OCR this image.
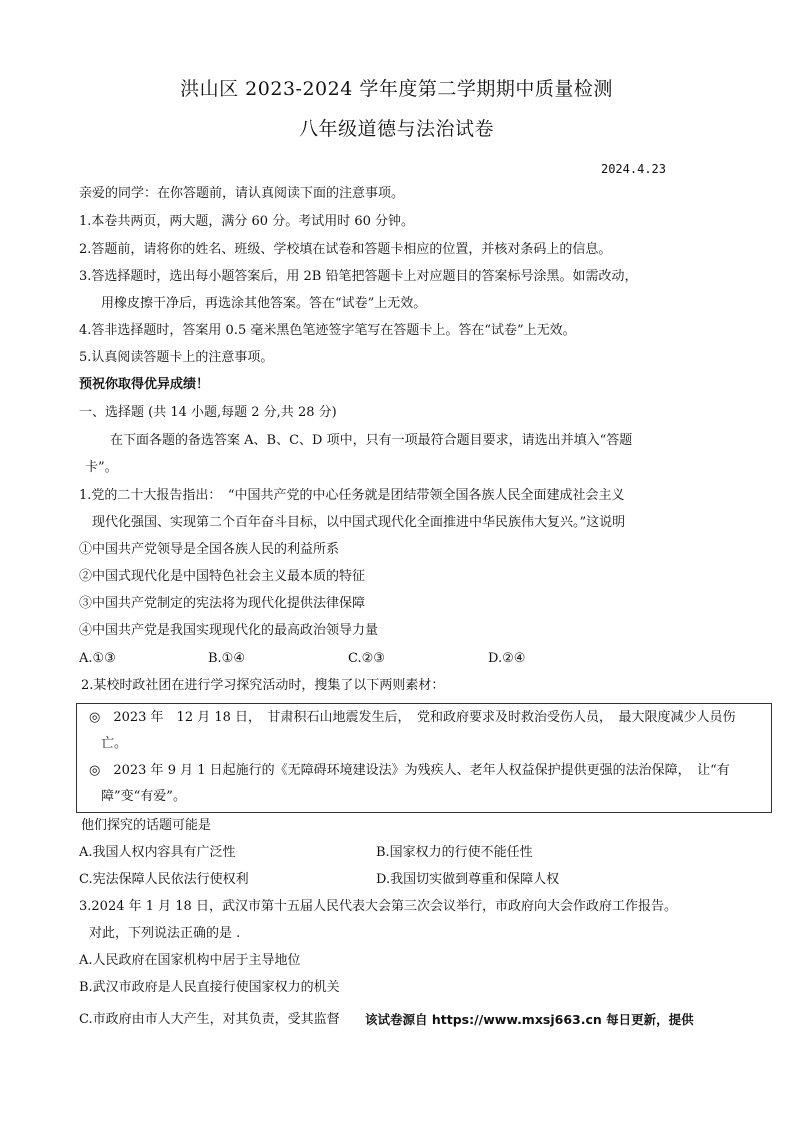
洪山区 2023-2024 学年度第二学期期中质量检测
八年级道德与法治试卷
2024.4.23
亲爱的同学：在你答题前，请认真阅读下面的注意事项。
1.本卷共两页，两大题，满分 60 分。考试用时 60 分钟。
2.答题前，请将你的姓名、班级、学校填在试卷和答题卡相应的位置，并核对条码上的信息。
3.答选择题时，选出每小题答案后，用 2B 铅笔把答题卡上对应题目的答案标号涂黑。如需改动，
用橡皮擦干净后，再选涂其他答案。答在“试卷”上无效。
4.答非选择题时，答案用 0.5 毫米黑色笔迹签字笔写在答题卡上。答在“试卷”上无效。
5.认真阅读答题卡上的注意事项。
预祝你取得优异成绩！
一、选择题 (共 14 小题,每题 2 分,共 28 分)
在下面各题的备选答案 A、B、C、D 项中，只有一项最符合题目要求，请选出并填入“答题
卡”。
1.党的二十大报告指出：　“中国共产党的中心任务就是团结带领全国各族人民全面建成社会主义
现代化强国、实现第二个百年奋斗目标，以中国式现代化全面推进中华民族伟大复兴。”这说明
①中国共产党领导是全国各族人民的利益所系
②中国式现代化是中国特色社会主义最本质的特征
③中国共产党制定的宪法将为现代化提供法律保障
④中国共产党是我国实现现代化的最高政治领导力量
A.①③	B.①④	C.②③	D.②④
2.某校时政社团在进行学习探究活动时，搜集了以下两则素材：
◎　2023 年　12 月 18 日，　甘肃积石山地震发生后，　党和政府要求及时救治受伤人员，　最大限度减少人员伤
亡。
◎　2023 年 9 月 1 日起施行的《无障碍环境建设法》为残疾人、老年人权益保护提供更强的法治保障，　让“有
障”变“有爱”。
他们探究的话题可能是
A.我国人权内容具有广泛性	B.国家权力的行使不能任性
C.宪法保障人民依法行使权利	D.我国切实做到尊重和保障人权
3.2024 年 1 月 18 日，武汉市第十五届人民代表大会第三次会议举行，市政府向大会作政府工作报告。
对此，下列说法正确的是 .
A.人民政府在国家机构中居于主导地位
B.武汉市政府是人民直接行使国家权力的机关
C.市政府由市人大产生，对其负责，受其监督 该试卷源自 https://www.mxsj663.cn 每日更新，提供
